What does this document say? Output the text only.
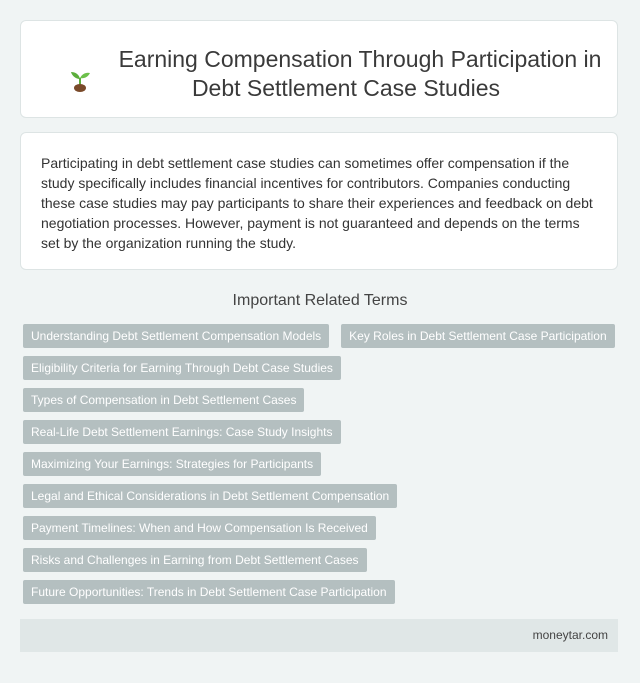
Earning Compensation Through Participation in Debt Settlement Case Studies
Participating in debt settlement case studies can sometimes offer compensation if the study specifically includes financial incentives for contributors. Companies conducting these case studies may pay participants to share their experiences and feedback on debt negotiation processes. However, payment is not guaranteed and depends on the terms set by the organization running the study.
Important Related Terms
Understanding Debt Settlement Compensation Models	Key Roles in Debt Settlement Case Participation
Eligibility Criteria for Earning Through Debt Case Studies
Types of Compensation in Debt Settlement Cases
Real-Life Debt Settlement Earnings: Case Study Insights
Maximizing Your Earnings: Strategies for Participants
Legal and Ethical Considerations in Debt Settlement Compensation
Payment Timelines: When and How Compensation Is Received
Risks and Challenges in Earning from Debt Settlement Cases
Future Opportunities: Trends in Debt Settlement Case Participation
moneytar.com
